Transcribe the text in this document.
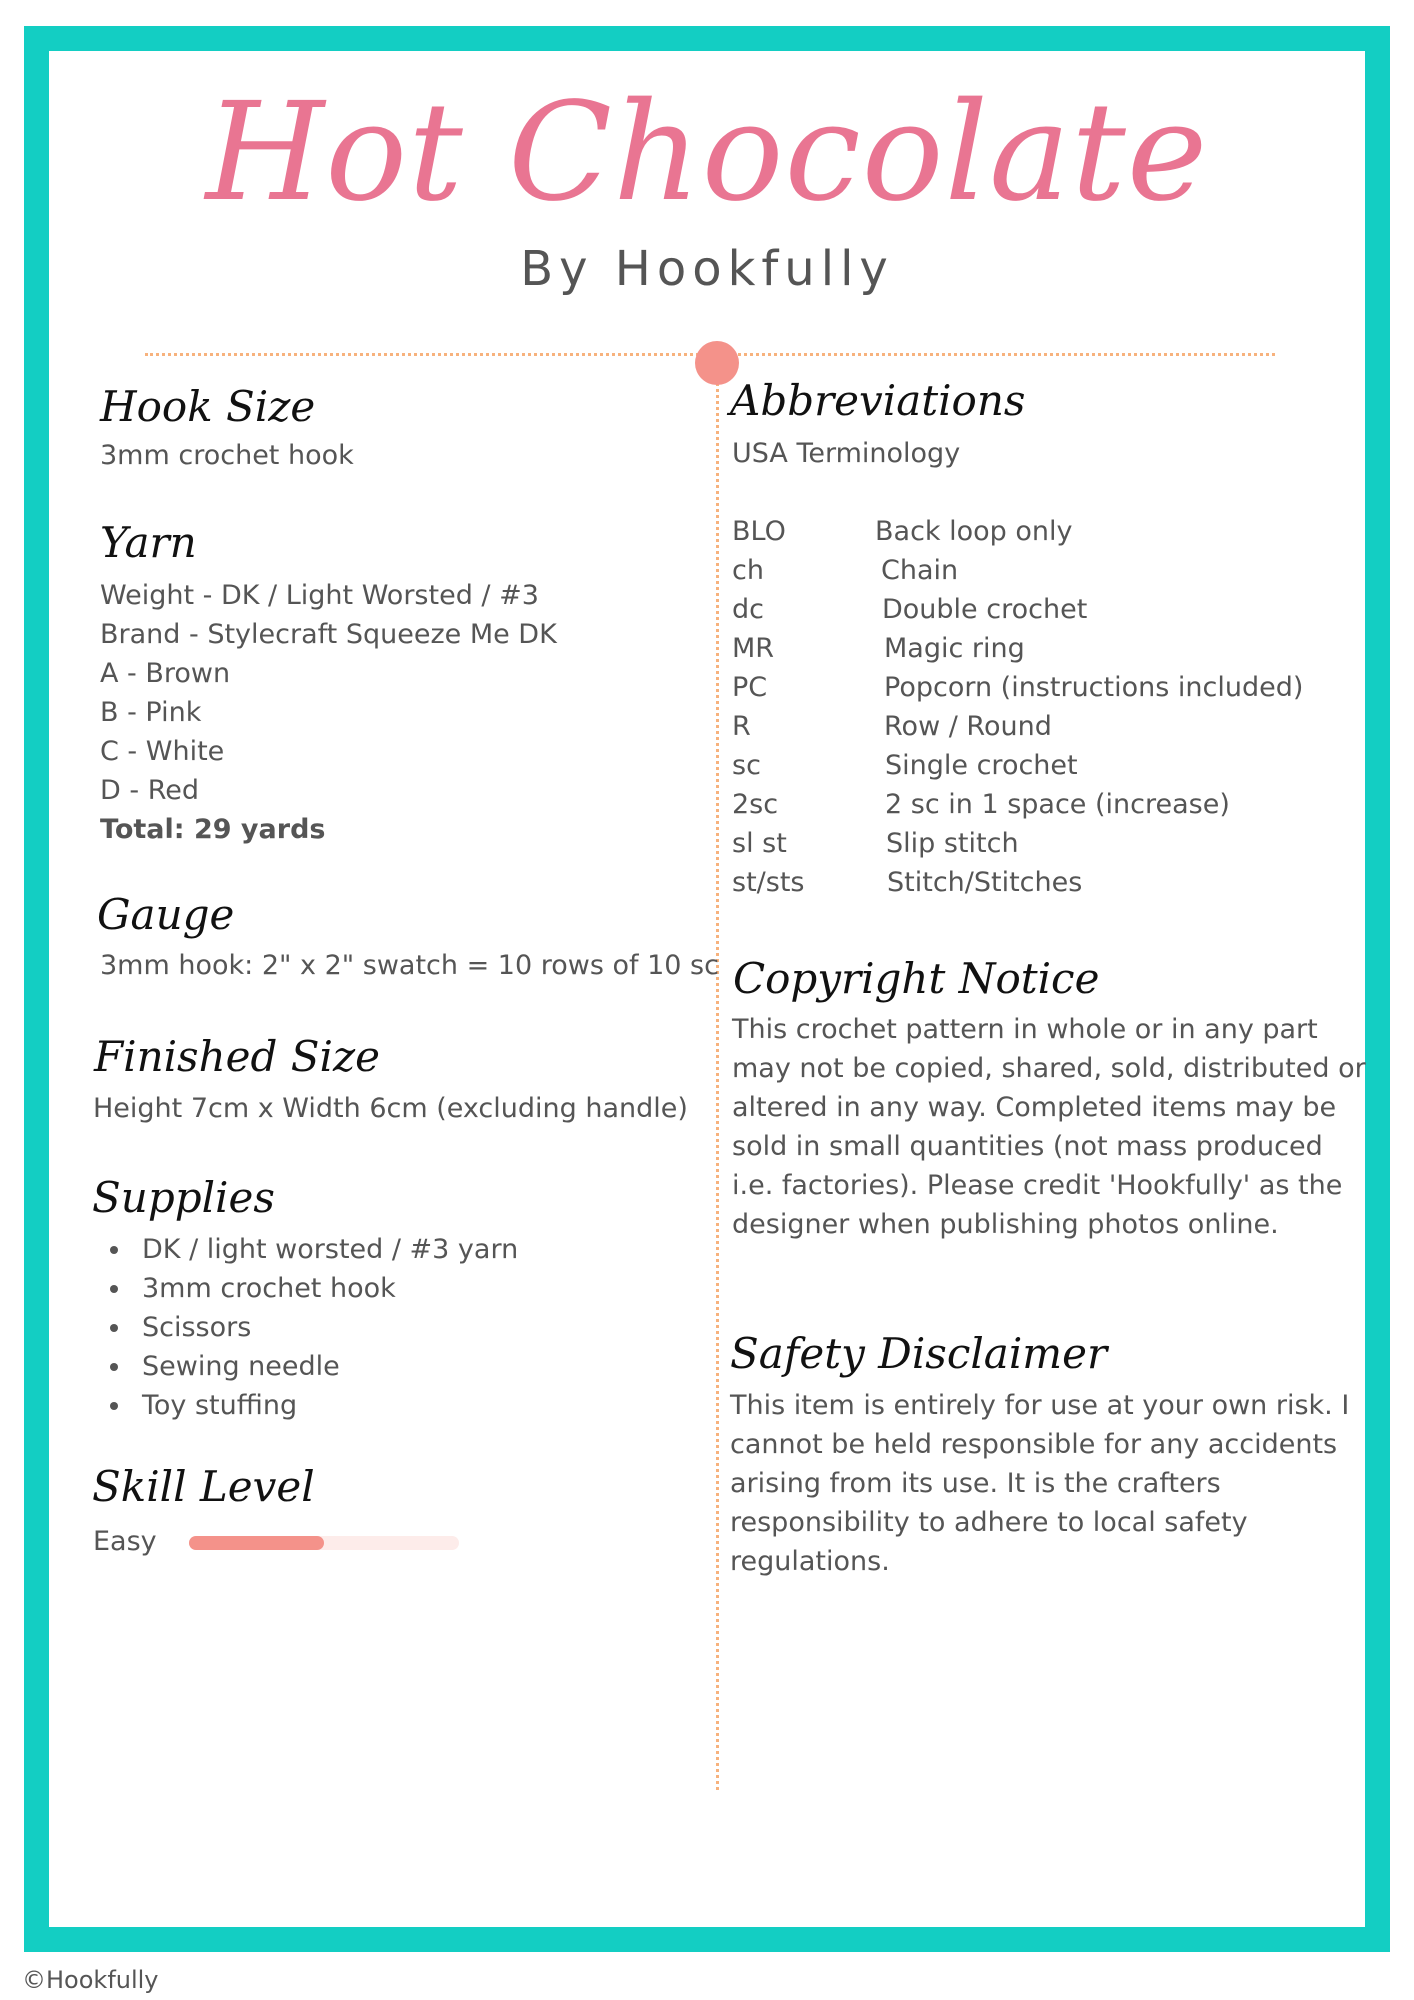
Hot Chocolate
By Hookfully
Hook Size
3mm crochet hook
Yarn
Weight - DK / Light Worsted / #3
Brand - Stylecraft Squeeze Me DK
A - Brown
B - Pink
C - White
D - Red
Total: 29 yards
Gauge
3mm hook: 2" x 2" swatch = 10 rows of 10 sc
Finished Size
Height 7cm x Width 6cm (excluding handle)
Supplies
DK / light worsted / #3 yarn
3mm crochet hook
Scissors
Sewing needle
Toy stuffing
Skill Level
Easy
Abbreviations
USA Terminology
BLO	Back loop only
ch	Chain
dc	Double crochet
MR	Magic ring
PC	Popcorn (instructions included)
R	Row / Round
sc	Single crochet
2sc	2 sc in 1 space (increase)
sl st	Slip stitch
st/sts	Stitch/Stitches
Copyright Notice
This crochet pattern in whole or in any part may not be copied, shared, sold, distributed or altered in any way. Completed items may be sold in small quantities (not mass produced i.e. factories). Please credit 'Hookfully' as the designer when publishing photos online.
Safety Disclaimer
This item is entirely for use at your own risk. I cannot be held responsible for any accidents arising from its use. It is the crafters responsibility to adhere to local safety regulations.
©Hookfully
